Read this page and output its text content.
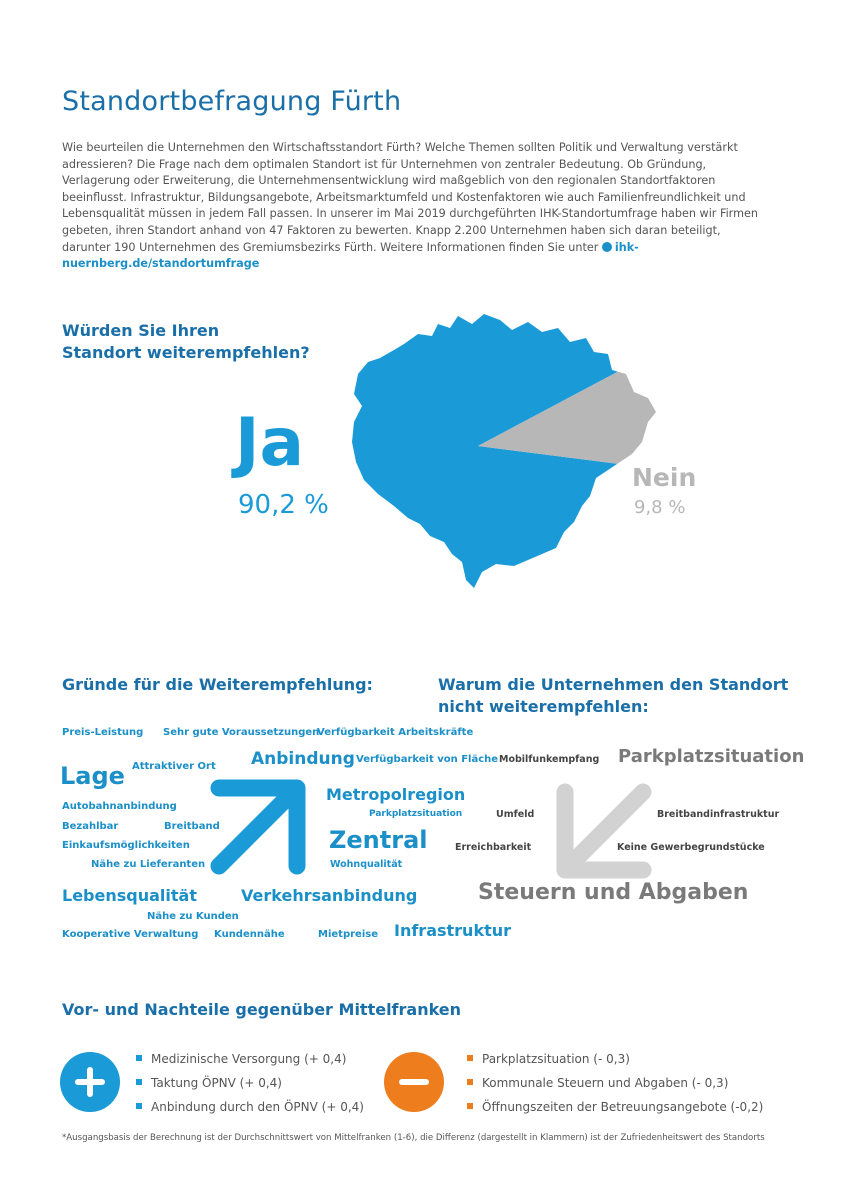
Standortbefragung Fürth
Wie beurteilen die Unternehmen den Wirtschaftsstandort Fürth? Welche Themen sollten Politik und Verwaltung verstärkt adressieren? Die Frage nach dem optimalen Standort ist für Unternehmen von zentraler Bedeutung. Ob Gründung, Verlagerung oder Erweiterung, die Unternehmensentwicklung wird maßgeblich von den regionalen Standortfaktoren beeinflusst. Infrastruktur, Bildungsangebote, Arbeitsmarktumfeld und Kostenfaktoren wie auch Familienfreundlichkeit und Lebensqualität müssen in jedem Fall passen. In unserer im Mai 2019 durchgeführten IHK-Standortumfrage haben wir Firmen gebeten, ihren Standort anhand von 47 Faktoren zu bewerten. Knapp 2.200 Unternehmen haben sich daran beteiligt, darunter 190 Unternehmen des Gremiumsbezirks Fürth. Weitere Informationen finden Sie unter ihk-nuernberg.de/standortumfrage
Würden Sie Ihren
Standort weiterempfehlen?
Ja
90,2 %
Nein
9,8 %
Gründe für die Weiterempfehlung:	Warum die Unternehmen den Standort
nicht weiterempfehlen:
Preis-Leistung Sehr gute Voraussetzungen
Verfügbarkeit Arbeitskräfte
Attraktiver Ort Anbindung Verfügbarkeit von Fläche
Lage
Metropolregion
Autobahnanbindung
Parkplatzsituation
Bezahlbar	Breitband	Zentral
Einkaufsmöglichkeiten
Nähe zu Lieferanten	Wohnqualität
Lebensqualität	Verkehrsanbindung
Nähe zu Kunden
Kooperative Verwaltung Kundennähe	Mietpreise Infrastruktur
Mobilfunkempfang Parkplatzsituation
Umfeld	Breitbandinfrastruktur
Erreichbarkeit	Keine Gewerbegrundstücke
Steuern und Abgaben
Vor- und Nachteile gegenüber Mittelfranken
Medizinische Versorgung (+ 0,4)
Taktung ÖPNV (+ 0,4)
Anbindung durch den ÖPNV (+ 0,4)
Parkplatzsituation (- 0,3)
Kommunale Steuern und Abgaben (- 0,3)
Öffnungszeiten der Betreuungsangebote (-0,2)
*Ausgangsbasis der Berechnung ist der Durchschnittswert von Mittelfranken (1-6), die Differenz (dargestellt in Klammern) ist der Zufriedenheitswert des Standorts
